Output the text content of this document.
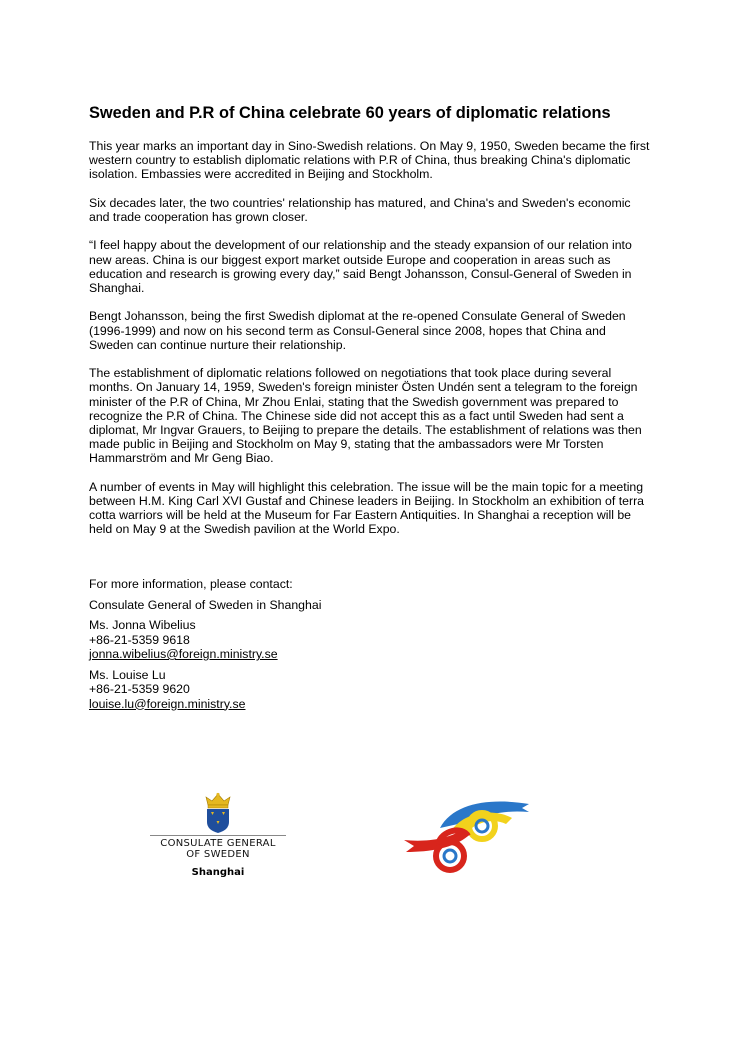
Sweden and P.R of China celebrate 60 years of diplomatic relations

This year marks an important day in Sino-Swedish relations. On May 9, 1950, Sweden became the first western country to establish diplomatic relations with P.R of China, thus breaking China's diplomatic isolation. Embassies were accredited in Beijing and Stockholm.

Six decades later, the two countries' relationship has matured, and China's and Sweden's economic and trade cooperation has grown closer.

“I feel happy about the development of our relationship and the steady expansion of our relation into new areas. China is our biggest export market outside Europe and cooperation in areas such as education and research is growing every day,” said Bengt Johansson, Consul-General of Sweden in Shanghai.

Bengt Johansson, being the first Swedish diplomat at the re-opened Consulate General of Sweden (1996-1999) and now on his second term as Consul-General since 2008, hopes that China and Sweden can continue nurture their relationship.

The establishment of diplomatic relations followed on negotiations that took place during several months. On January 14, 1959, Sweden's foreign minister Östen Undén sent a telegram to the foreign minister of the P.R of China, Mr Zhou Enlai, stating that the Swedish government was prepared to recognize the P.R of China. The Chinese side did not accept this as a fact until Sweden had sent a diplomat, Mr Ingvar Grauers, to Beijing to prepare the details. The establishment of relations was then made public in Beijing and Stockholm on May 9, stating that the ambassadors were Mr Torsten Hammarström and Mr Geng Biao.

A number of events in May will highlight this celebration. The issue will be the main topic for a meeting between H.M. King Carl XVI Gustaf and Chinese leaders in Beijing. In Stockholm an exhibition of terra cotta warriors will be held at the Museum for Far Eastern Antiquities. In Shanghai a reception will be held on May 9 at the Swedish pavilion at the World Expo.

For more information, please contact:
Consulate General of Sweden in Shanghai
Ms. Jonna Wibelius
+86-21-5359 9618
jonna.wibelius@foreign.ministry.se
Ms. Louise Lu
+86-21-5359 9620
louise.lu@foreign.ministry.se
CONSULATE GENERAL
OF SWEDEN
Shanghai
